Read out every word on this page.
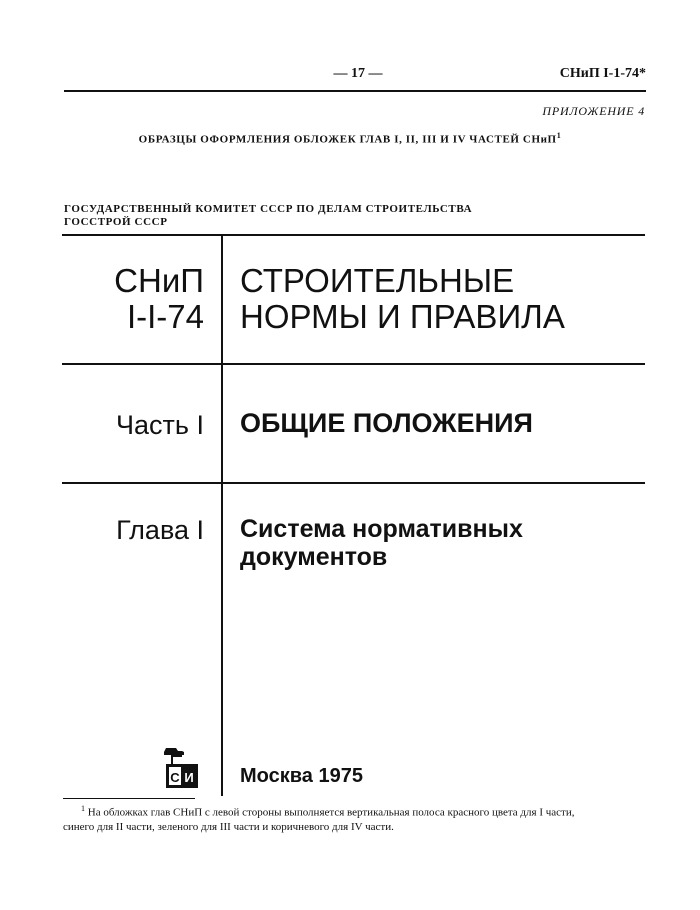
— 17 —	СНиП I-1-74*
ПРИЛОЖЕНИЕ 4
ОБРАЗЦЫ ОФОРМЛЕНИЯ ОБЛОЖЕК ГЛАВ I, II, III И IV ЧАСТЕЙ СНиП$^1$
ГОСУДАРСТВЕННЫЙ КОМИТЕТ СССР ПО ДЕЛАМ СТРОИТЕЛЬСТВА
ГОССТРОЙ СССР
СНиП
I-I-74
СТРОИТЕЛЬНЫЕ
НОРМЫ И ПРАВИЛА
Часть I ОБЩИЕ ПОЛОЖЕНИЯ
Глава I Система нормативных
документов
С И Москва 1975
$^1$ На обложках глав СНиП с левой стороны выполняется вертикальная полоса красного цвета для I части,
синего для II части, зеленого для III части и коричневого для IV части.
